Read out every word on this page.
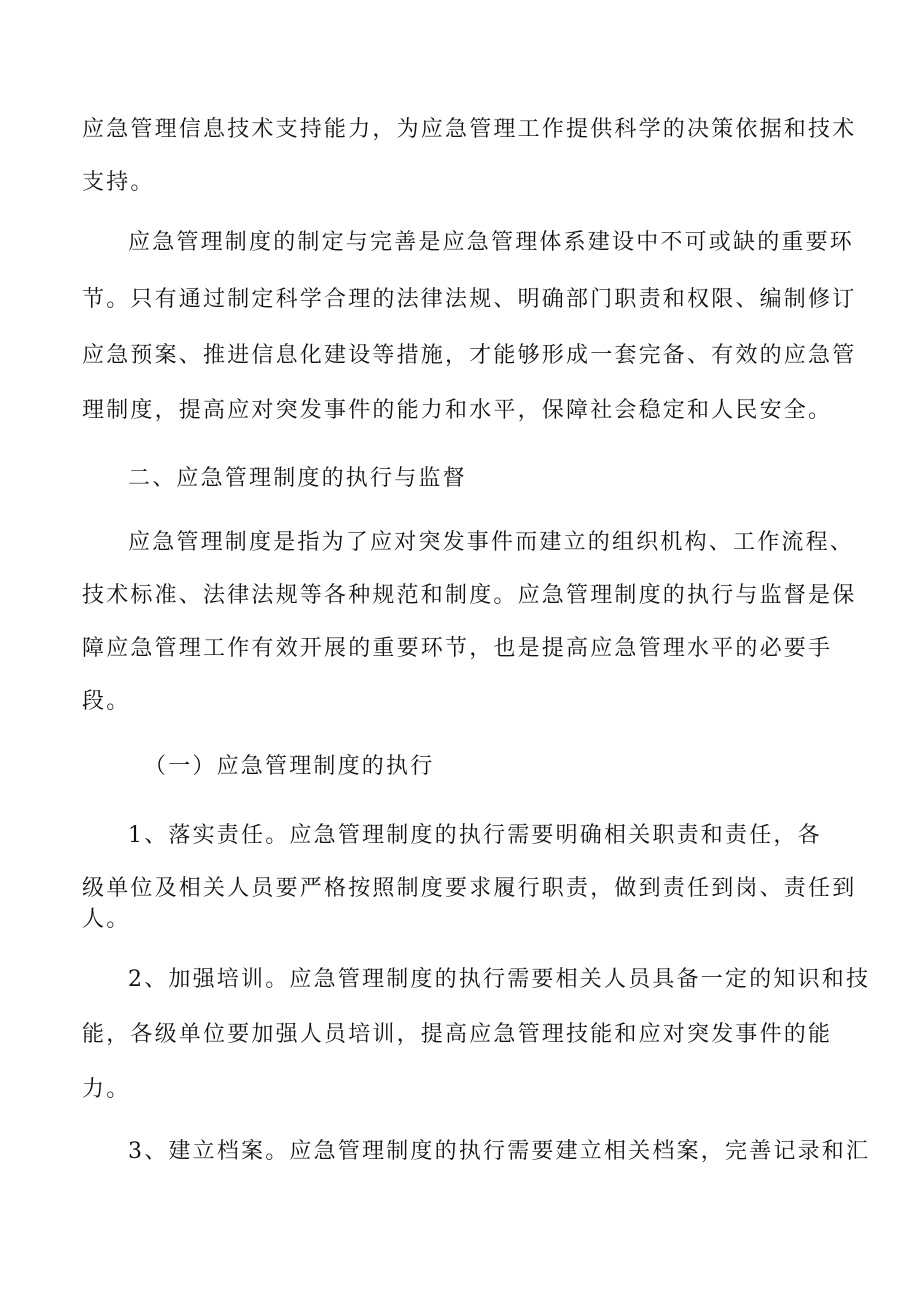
应急管理信息技术支持能力，为应急管理工作提供科学的决策依据和技术

支持。

应急管理制度的制定与完善是应急管理体系建设中不可或缺的重要环

节。只有通过制定科学合理的法律法规、明确部门职责和权限、编制修订

应急预案、推进信息化建设等措施，才能够形成一套完备、有效的应急管

理制度，提高应对突发事件的能力和水平，保障社会稳定和人民安全。

二、应急管理制度的执行与监督

应急管理制度是指为了应对突发事件而建立的组织机构、工作流程、

技术标准、法律法规等各种规范和制度。应急管理制度的执行与监督是保

障应急管理工作有效开展的重要环节，也是提高应急管理水平的必要手

段。

（一）应急管理制度的执行

1、落实责任。应急管理制度的执行需要明确相关职责和责任，各

级单位及相关人员要严格按照制度要求履行职责，做到责任到岗、责任到

人。

2、加强培训。应急管理制度的执行需要相关人员具备一定的知识和技

能，各级单位要加强人员培训，提高应急管理技能和应对突发事件的能

力。

3、建立档案。应急管理制度的执行需要建立相关档案，完善记录和汇
